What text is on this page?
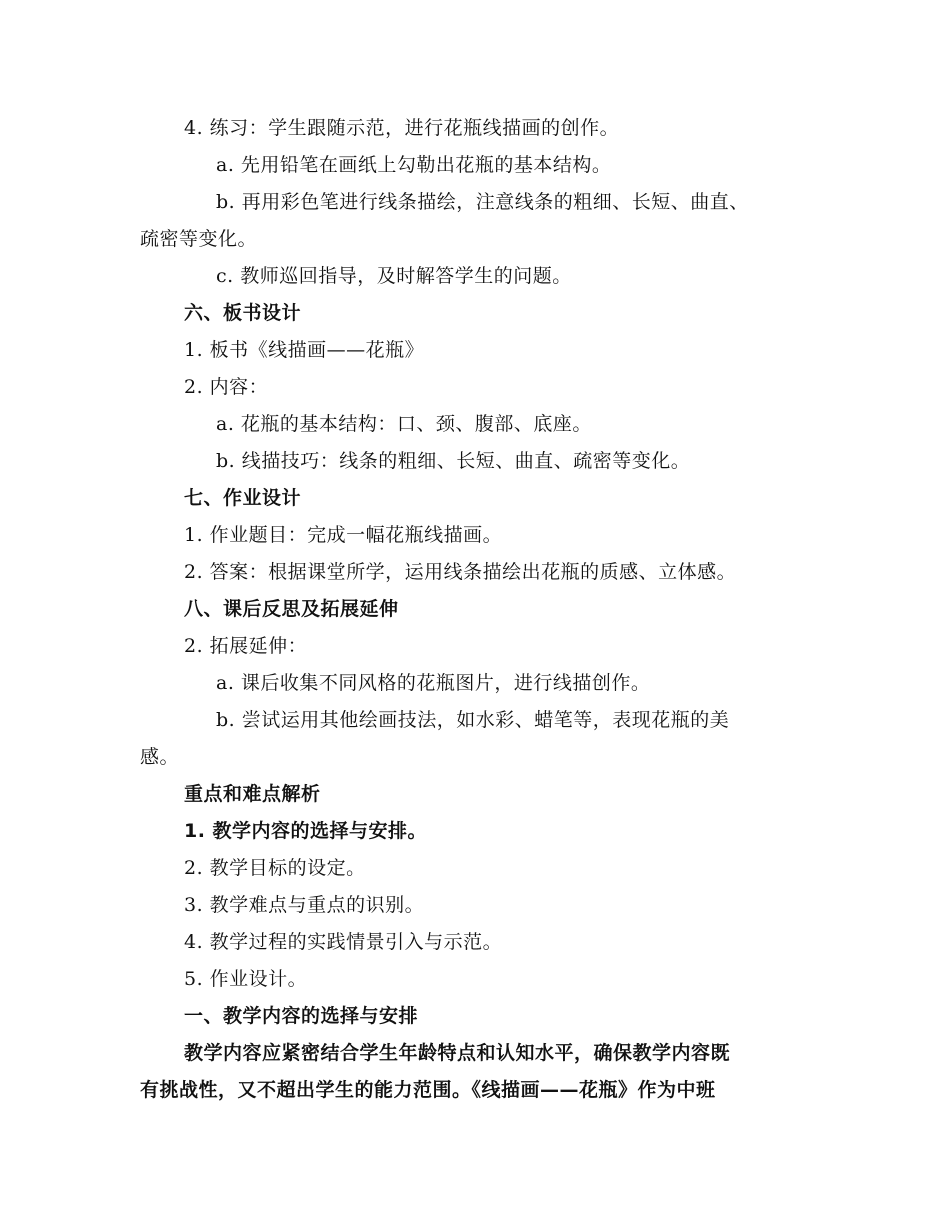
4. 练习：学生跟随示范，进行花瓶线描画的创作。
a. 先用铅笔在画纸上勾勒出花瓶的基本结构。
b. 再用彩色笔进行线条描绘，注意线条的粗细、长短、曲直、
疏密等变化。
c. 教师巡回指导，及时解答学生的问题。
六、板书设计
1. 板书《线描画——花瓶》
2. 内容：
a. 花瓶的基本结构：口、颈、腹部、底座。
b. 线描技巧：线条的粗细、长短、曲直、疏密等变化。
七、作业设计
1. 作业题目：完成一幅花瓶线描画。
2. 答案：根据课堂所学，运用线条描绘出花瓶的质感、立体感。
八、课后反思及拓展延伸
2. 拓展延伸：
a. 课后收集不同风格的花瓶图片，进行线描创作。
b. 尝试运用其他绘画技法，如水彩、蜡笔等，表现花瓶的美
感。
重点和难点解析
1. 教学内容的选择与安排。
2. 教学目标的设定。
3. 教学难点与重点的识别。
4. 教学过程的实践情景引入与示范。
5. 作业设计。
一、教学内容的选择与安排
教学内容应紧密结合学生年龄特点和认知水平，确保教学内容既
有挑战性，又不超出学生的能力范围。《线描画——花瓶》作为中班
